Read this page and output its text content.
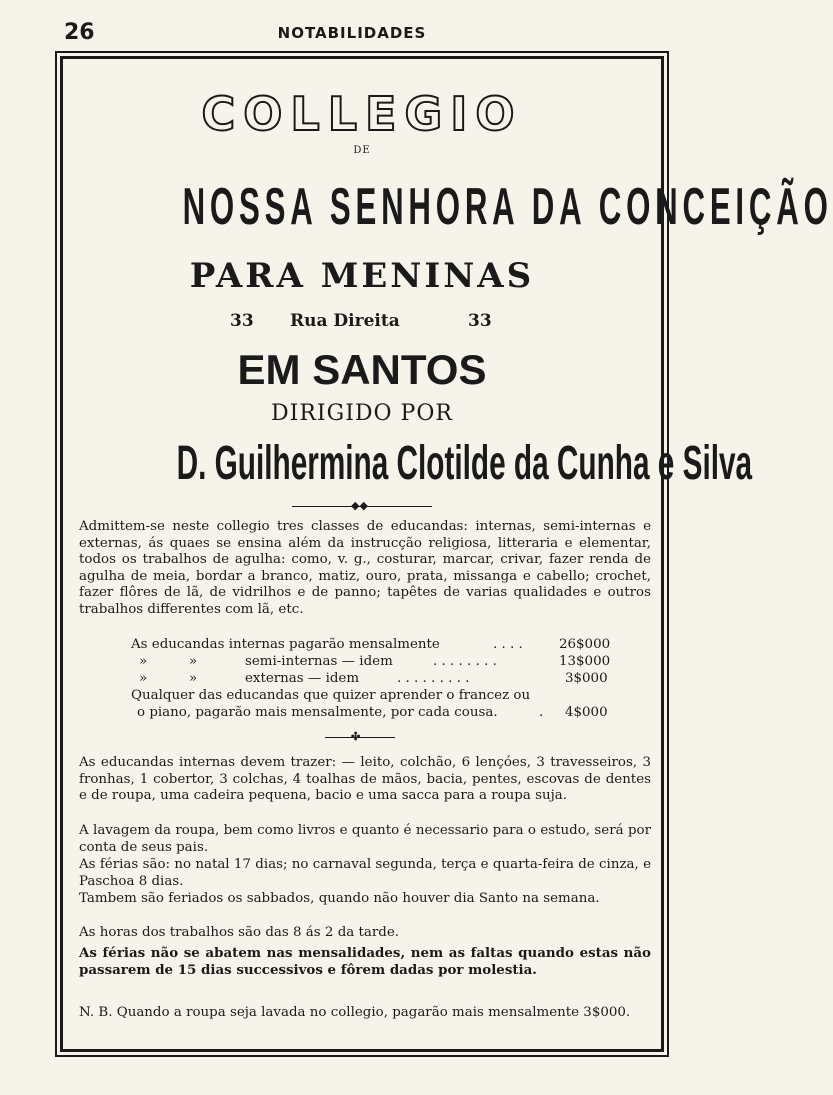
26	NOTABILIDADES
COLLEGIO
DE
NOSSA SENHORA DA CONCEIÇÃO
PARA MENINAS
33 Rua Direita	33
EM SANTOS
DIRIGIDO POR
D. Guilhermina Clotilde da Cunha e Silva
◆◆
Admittem-se neste collegio tres classes de educandas: internas, semi-internas e externas, ás quaes se ensina além da instrucção religiosa, litteraria e elementar, todos os trabalhos de agulha: como, v. g., costurar, marcar, crivar, fazer renda de agulha de meia, bordar a branco, matiz, ouro, prata, missanga e cabello; crochet, fazer flôres de lã, de vidrilhos e de panno; tapêtes de varias qualidades e outros trabalhos differentes com lã, etc.
As educandas internas pagarão mensalmente	. . . .	26$000
»	»	semi-internas — idem	. . . . . . . .	13$000
»	»	externas — idem	. . . . . . . . .	3$000
Qualquer das educandas que quizer aprender o francez ou
o piano, pagarão mais mensalmente, por cada cousa.	. 4$000
✣
As educandas internas devem trazer: — leito, colchão, 6 lençóes, 3 travesseiros, 3 fronhas, 1 cobertor, 3 colchas, 4 toalhas de mãos, bacia, pentes, escovas de dentes e de roupa, uma cadeira pequena, bacio e uma sacca para a roupa suja.
A lavagem da roupa, bem como livros e quanto é necessario para o estudo, será por conta de seus pais.
As férias são: no natal 17 dias; no carnaval segunda, terça e quarta-feira de cinza, e Paschoa 8 dias.
Tambem são feriados os sabbados, quando não houver dia Santo na semana.
As horas dos trabalhos são das 8 ás 2 da tarde.
As férias não se abatem nas mensalidades, nem as faltas quando estas não passarem de 15 dias successivos e fôrem dadas por molestia.
N. B. Quando a roupa seja lavada no collegio, pagarão mais mensalmente 3$000.
